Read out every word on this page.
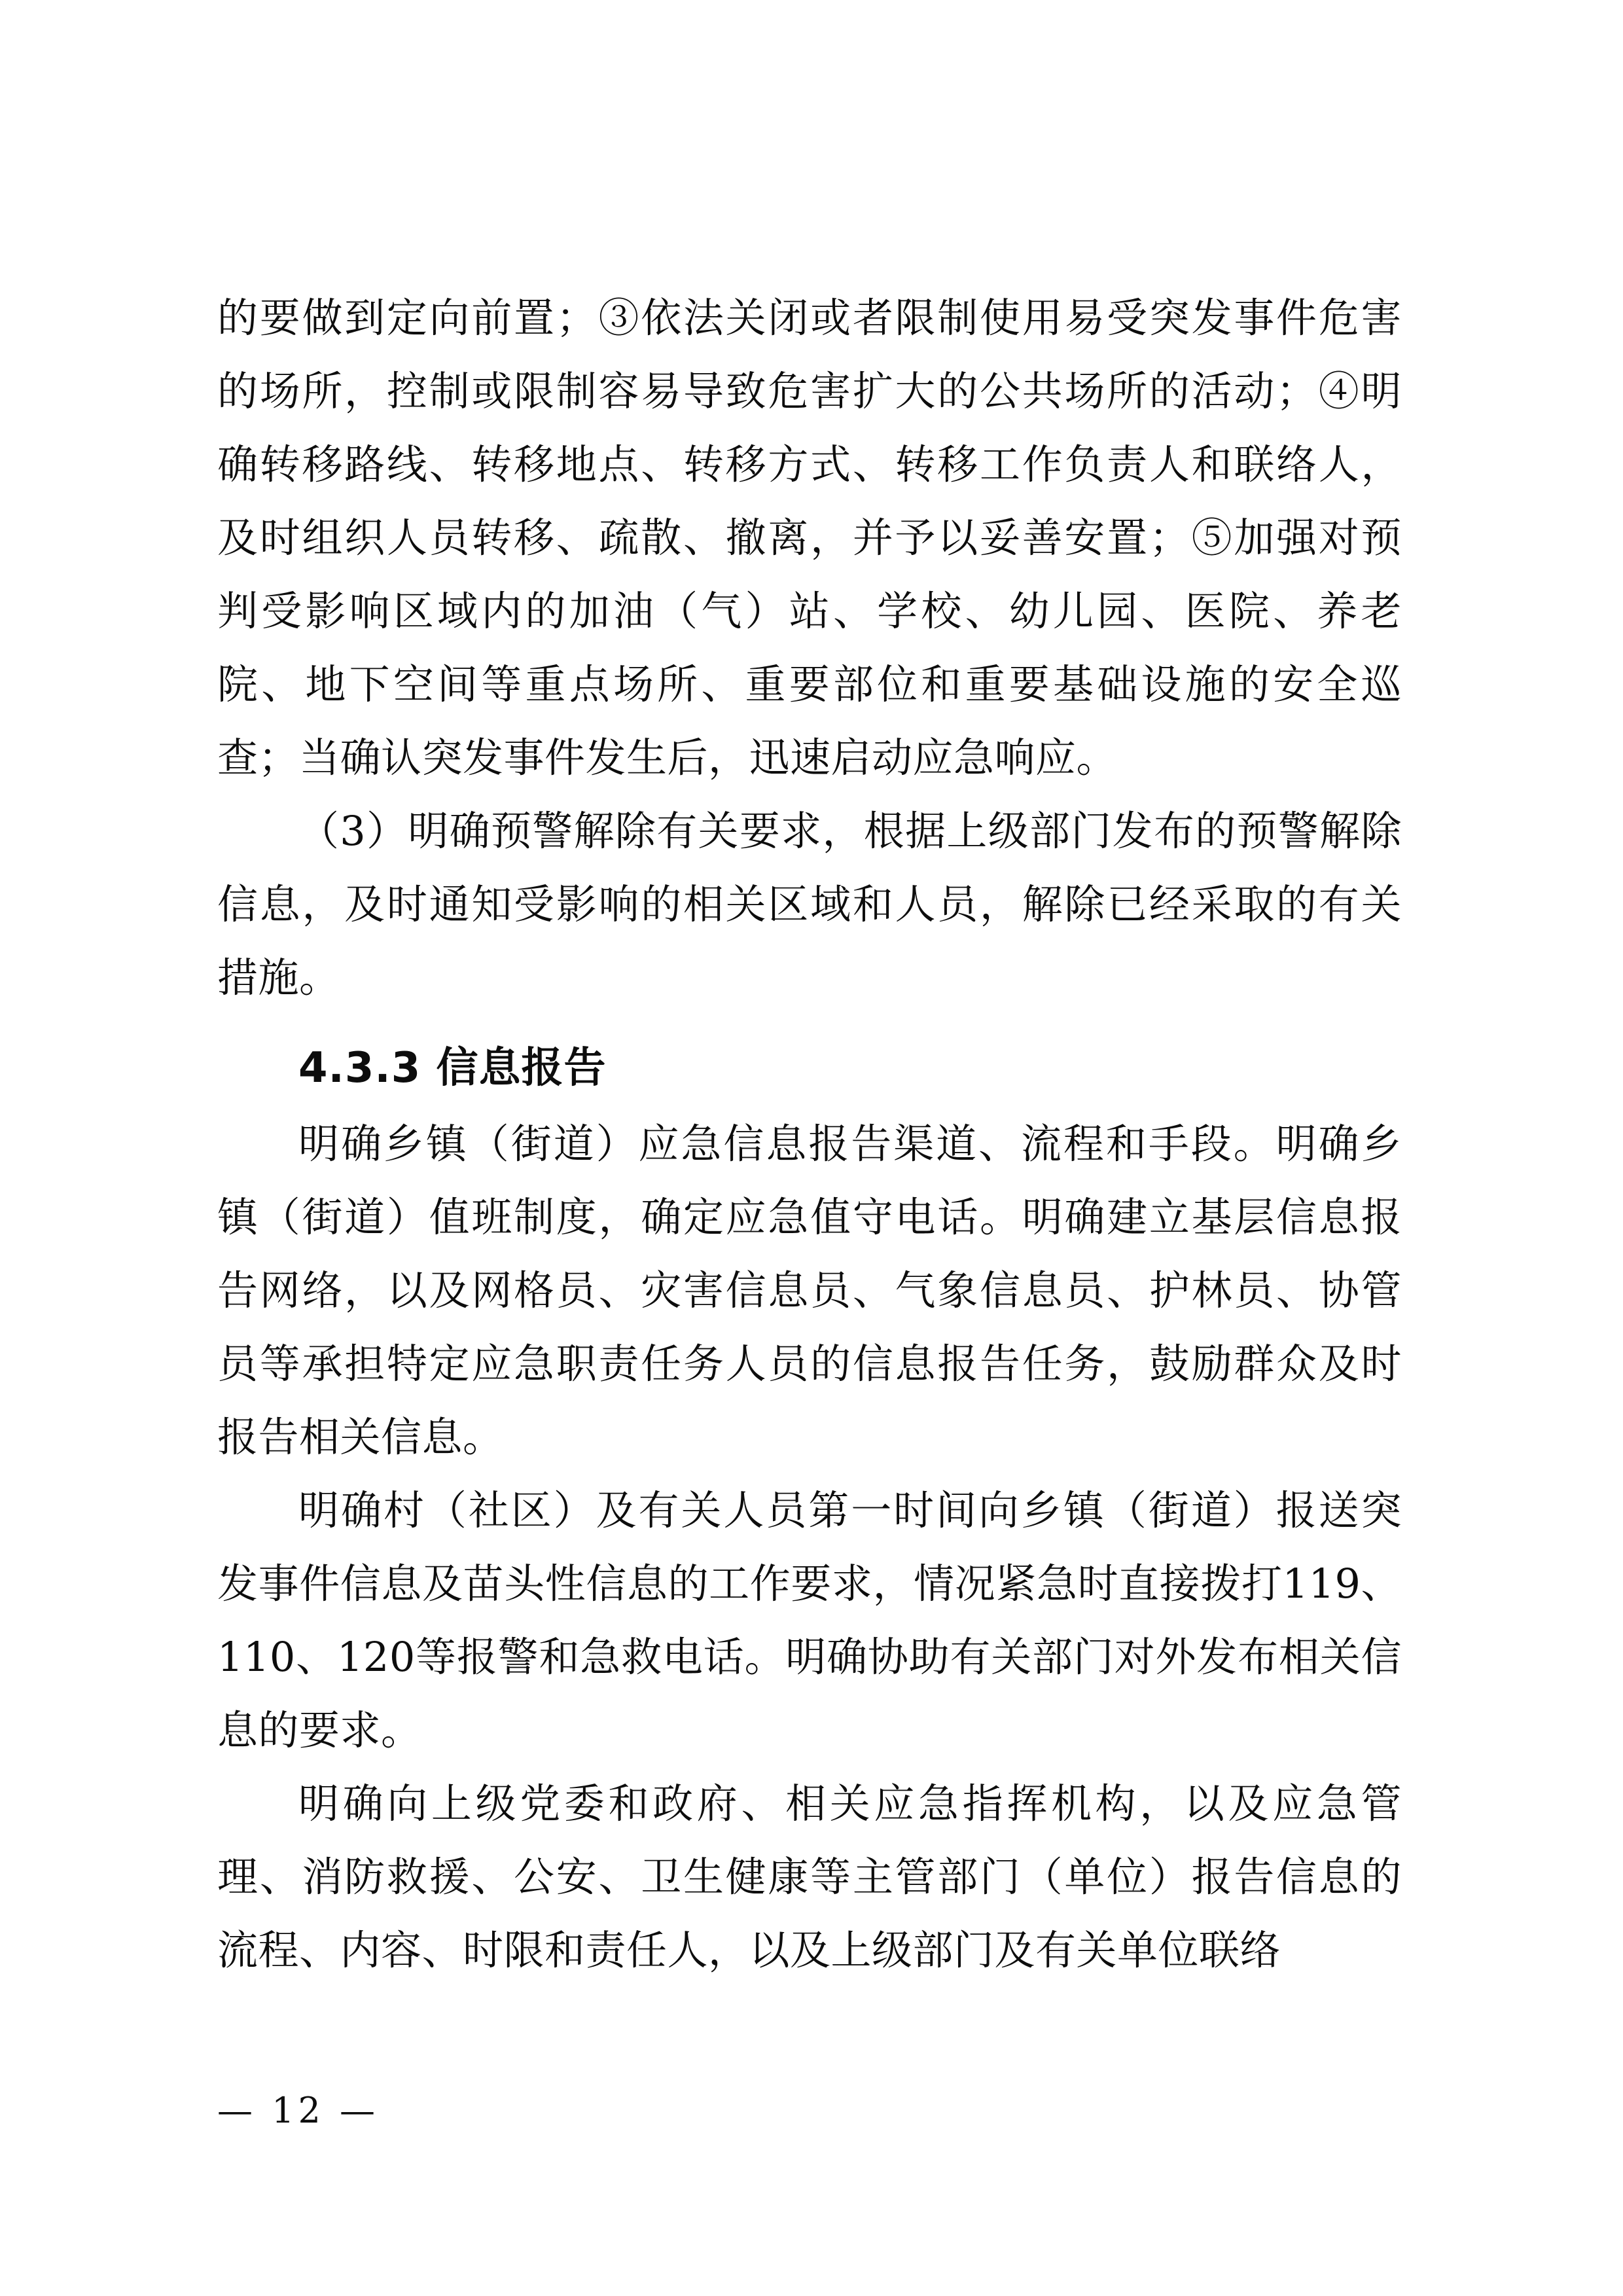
的要做到定向前置；③依法关闭或者限制使用易受突发事件危害的场所，控制或限制容易导致危害扩大的公共场所的活动；④明确转移路线、转移地点、转移方式、转移工作负责人和联络人，及时组织人员转移、疏散、撤离，并予以妥善安置；⑤加强对预判受影响区域内的加油（气）站、学校、幼儿园、医院、养老院、地下空间等重点场所、重要部位和重要基础设施的安全巡查；当确认突发事件发生后，迅速启动应急响应。

（3）明确预警解除有关要求，根据上级部门发布的预警解除信息，及时通知受影响的相关区域和人员，解除已经采取的有关措施。

4.3.3 信息报告

明确乡镇（街道）应急信息报告渠道、流程和手段。明确乡镇（街道）值班制度，确定应急值守电话。明确建立基层信息报告网络，以及网格员、灾害信息员、气象信息员、护林员、协管员等承担特定应急职责任务人员的信息报告任务，鼓励群众及时报告相关信息。

明确村（社区）及有关人员第一时间向乡镇（街道）报送突发事件信息及苗头性信息的工作要求，情况紧急时直接拨打119、110、120等报警和急救电话。明确协助有关部门对外发布相关信息的要求。

明确向上级党委和政府、相关应急指挥机构，以及应急管理、消防救援、公安、卫生健康等主管部门（单位）报告信息的流程、内容、时限和责任人，以及上级部门及有关单位联络

— 12 —
